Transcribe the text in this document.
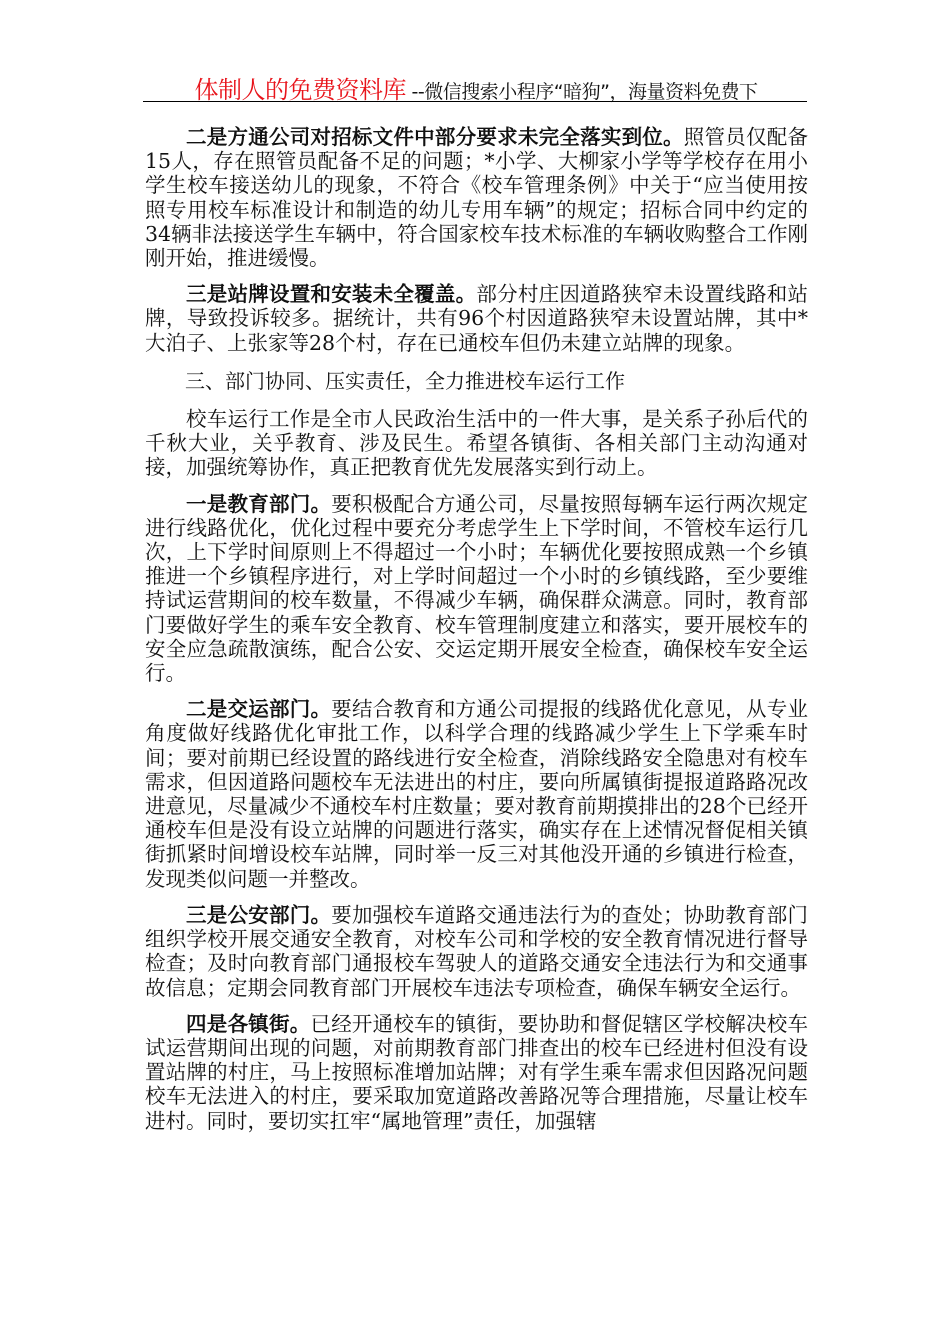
体制人的免费资料库 --微信搜索小程序“暗狗”，海量资料免费下

二是方通公司对招标文件中部分要求未完全落实到位。照管员仅配备15人，存在照管员配备不足的问题；*小学、大柳家小学等学校存在用小学生校车接送幼儿的现象，不符合《校车管理条例》中关于“应当使用按照专用校车标准设计和制造的幼儿专用车辆”的规定；招标合同中约定的34辆非法接送学生车辆中，符合国家校车技术标准的车辆收购整合工作刚刚开始，推进缓慢。

三是站牌设置和安装未全覆盖。部分村庄因道路狭窄未设置线路和站牌，导致投诉较多。据统计，共有96个村因道路狭窄未设置站牌，其中*大泊子、上张家等28个村，存在已通校车但仍未建立站牌的现象。

三、部门协同、压实责任，全力推进校车运行工作

校车运行工作是全市人民政治生活中的一件大事，是关系子孙后代的千秋大业，关乎教育、涉及民生。希望各镇街、各相关部门主动沟通对接，加强统筹协作，真正把教育优先发展落实到行动上。

一是教育部门。要积极配合方通公司，尽量按照每辆车运行两次规定进行线路优化，优化过程中要充分考虑学生上下学时间，不管校车运行几次，上下学时间原则上不得超过一个小时；车辆优化要按照成熟一个乡镇推进一个乡镇程序进行，对上学时间超过一个小时的乡镇线路，至少要维持试运营期间的校车数量，不得减少车辆，确保群众满意。同时，教育部门要做好学生的乘车安全教育、校车管理制度建立和落实，要开展校车的安全应急疏散演练，配合公安、交运定期开展安全检查，确保校车安全运行。

二是交运部门。要结合教育和方通公司提报的线路优化意见，从专业角度做好线路优化审批工作，以科学合理的线路减少学生上下学乘车时间；要对前期已经设置的路线进行安全检查，消除线路安全隐患对有校车需求，但因道路问题校车无法进出的村庄，要向所属镇街提报道路路况改进意见，尽量减少不通校车村庄数量；要对教育前期摸排出的28个已经开通校车但是没有设立站牌的问题进行落实，确实存在上述情况督促相关镇街抓紧时间增设校车站牌，同时举一反三对其他没开通的乡镇进行检查，发现类似问题一并整改。

三是公安部门。要加强校车道路交通违法行为的查处；协助教育部门组织学校开展交通安全教育，对校车公司和学校的安全教育情况进行督导检查；及时向教育部门通报校车驾驶人的道路交通安全违法行为和交通事故信息；定期会同教育部门开展校车违法专项检查，确保车辆安全运行。

四是各镇街。已经开通校车的镇街，要协助和督促辖区学校解决校车试运营期间出现的问题，对前期教育部门排查出的校车已经进村但没有设置站牌的村庄，马上按照标准增加站牌；对有学生乘车需求但因路况问题校车无法进入的村庄，要采取加宽道路改善路况等合理措施，尽量让校车进村。同时，要切实扛牢“属地管理”责任，加强辖
